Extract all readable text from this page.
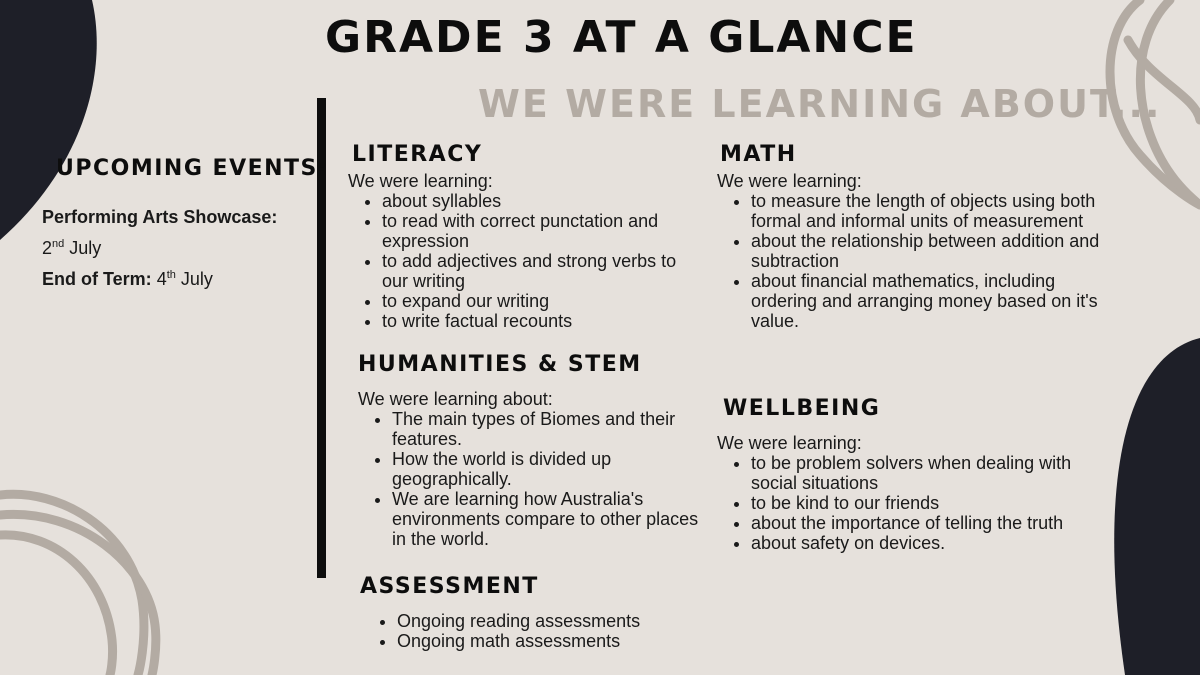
GRADE 3 AT A GLANCE
WE WERE LEARNING ABOUT...
UPCOMING EVENTS:
Performing Arts Showcase:
2nd July
End of Term: 4th July
LITERACY
We were learning:
• about syllables
• to read with correct punctation and expression
• to add adjectives and strong verbs to our writing
• to expand our writing
• to write factual recounts
HUMANITIES & STEM
We were learning about:
• The main types of Biomes and their features.
• How the world is divided up geographically.
• We are learning how Australia's environments compare to other places in the world.
ASSESSMENT
• Ongoing reading assessments
• Ongoing math assessments
MATH
We were learning:
• to measure the length of objects using both formal and informal units of measurement
• about the relationship between addition and subtraction
• about financial mathematics, including ordering and arranging money based on it's value.
WELLBEING
We were learning:
• to be problem solvers when dealing with social situations
• to be kind to our friends
• about the importance of telling the truth
• about safety on devices.
